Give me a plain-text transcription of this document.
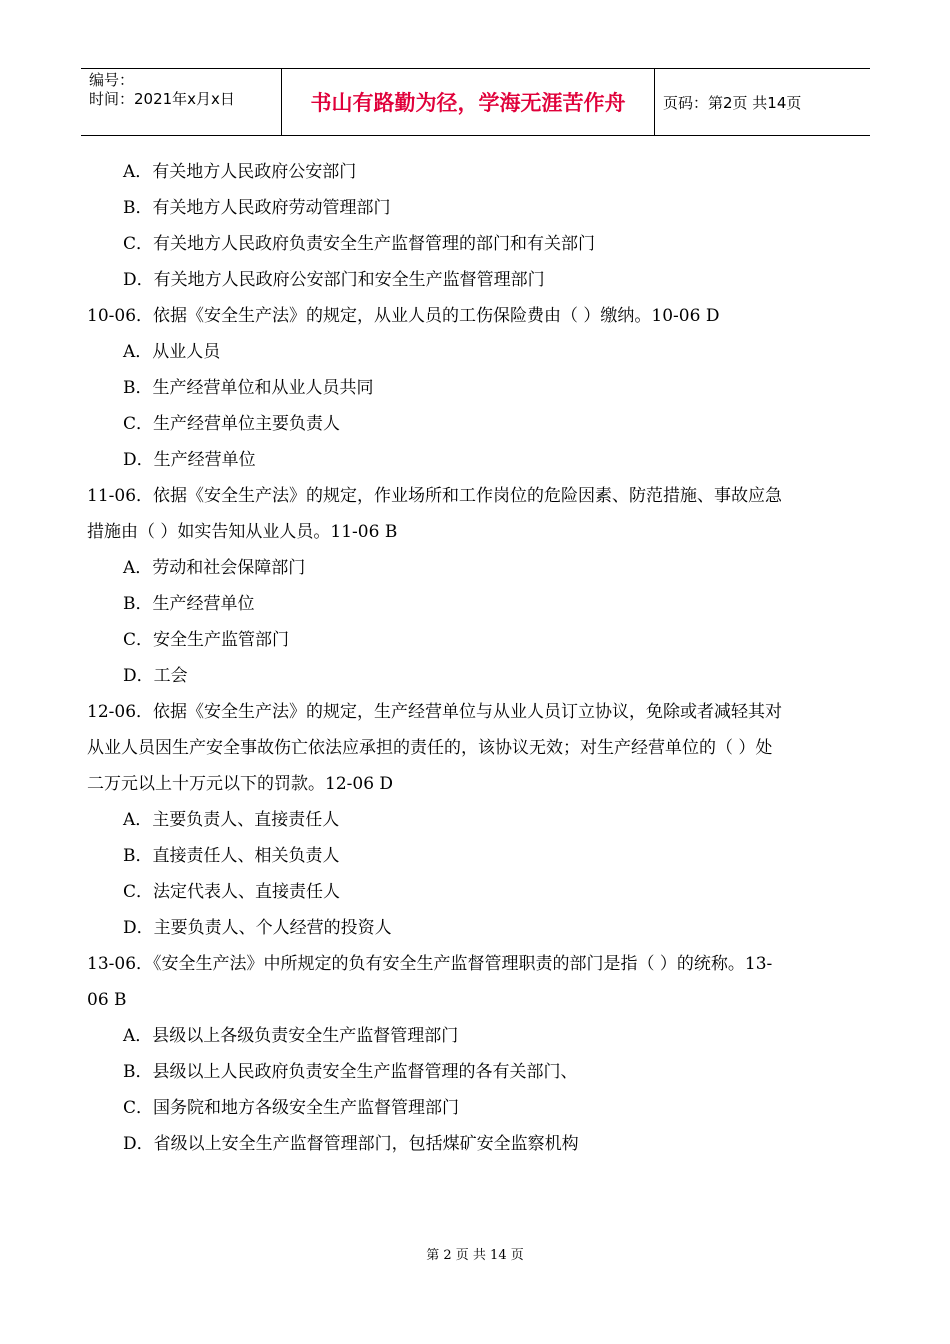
编号：
时间：2021年x月x日	书山有路勤为径，学海无涯苦作舟	页码：第2页 共14页
A．有关地方人民政府公安部门
B．有关地方人民政府劳动管理部门
C．有关地方人民政府负责安全生产监督管理的部门和有关部门
D．有关地方人民政府公安部门和安全生产监督管理部门
10-06．依据《安全生产法》的规定，从业人员的工伤保险费由（ ）缴纳。10-06 D
A．从业人员
B．生产经营单位和从业人员共同
C．生产经营单位主要负责人
D．生产经营单位
11-06．依据《安全生产法》的规定，作业场所和工作岗位的危险因素、防范措施、事故应急
措施由（ ）如实告知从业人员。11-06 B
A．劳动和社会保障部门
B．生产经营单位
C．安全生产监管部门
D．工会
12-06．依据《安全生产法》的规定，生产经营单位与从业人员订立协议，免除或者减轻其对
从业人员因生产安全事故伤亡依法应承担的责任的，该协议无效；对生产经营单位的（ ）处
二万元以上十万元以下的罚款。12-06 D
A．主要负责人、直接责任人
B．直接责任人、相关负责人
C．法定代表人、直接责任人
D．主要负责人、个人经营的投资人
13-06．《安全生产法》中所规定的负有安全生产监督管理职责的部门是指（ ）的统称。13-
06 B
A．县级以上各级负责安全生产监督管理部门
B．县级以上人民政府负责安全生产监督管理的各有关部门、
C．国务院和地方各级安全生产监督管理部门
D．省级以上安全生产监督管理部门，包括煤矿安全监察机构
第 2 页 共 14 页
